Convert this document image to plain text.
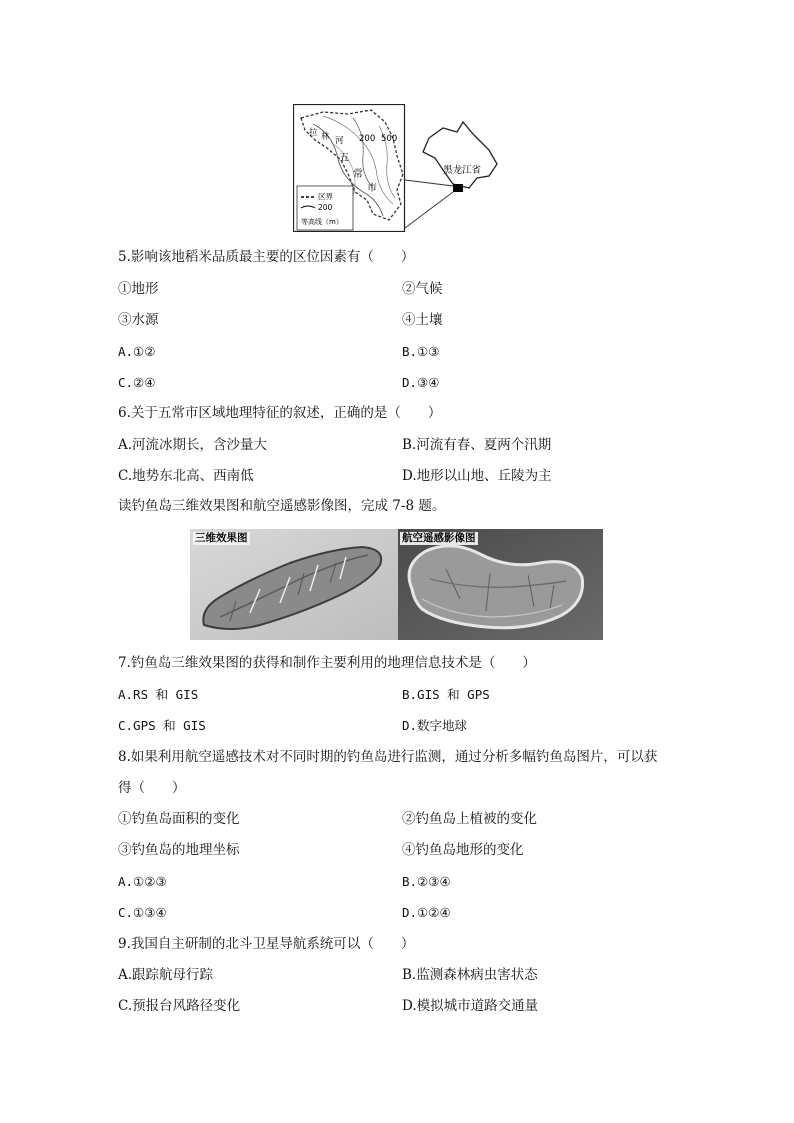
拉 林 河 200 500
五
常
市
区界
200
等高线（m）
黑龙江省
5.影响该地稻米品质最主要的区位因素有（　　）
①地形	②气候
③水源	④土壤
A.①②	B.①③
C.②④	D.③④
6.关于五常市区域地理特征的叙述，正确的是（　　）
A.河流冰期长，含沙量大	B.河流有春、夏两个汛期
C.地势东北高、西南低	D.地形以山地、丘陵为主
读钓鱼岛三维效果图和航空遥感影像图，完成 7-8 题。
三维效果图	航空遥感影像图
7.钓鱼岛三维效果图的获得和制作主要利用的地理信息技术是（　　）
A.RS 和 GIS	B.GIS 和 GPS
C.GPS 和 GIS	D.数字地球
8.如果利用航空遥感技术对不同时期的钓鱼岛进行监测，通过分析多幅钓鱼岛图片，可以获
得（　　）
①钓鱼岛面积的变化	②钓鱼岛上植被的变化
③钓鱼岛的地理坐标	④钓鱼岛地形的变化
A.①②③	B.②③④
C.①③④	D.①②④
9.我国自主研制的北斗卫星导航系统可以（　　）
A.跟踪航母行踪	B.监测森林病虫害状态
C.预报台风路径变化	D.模拟城市道路交通量
